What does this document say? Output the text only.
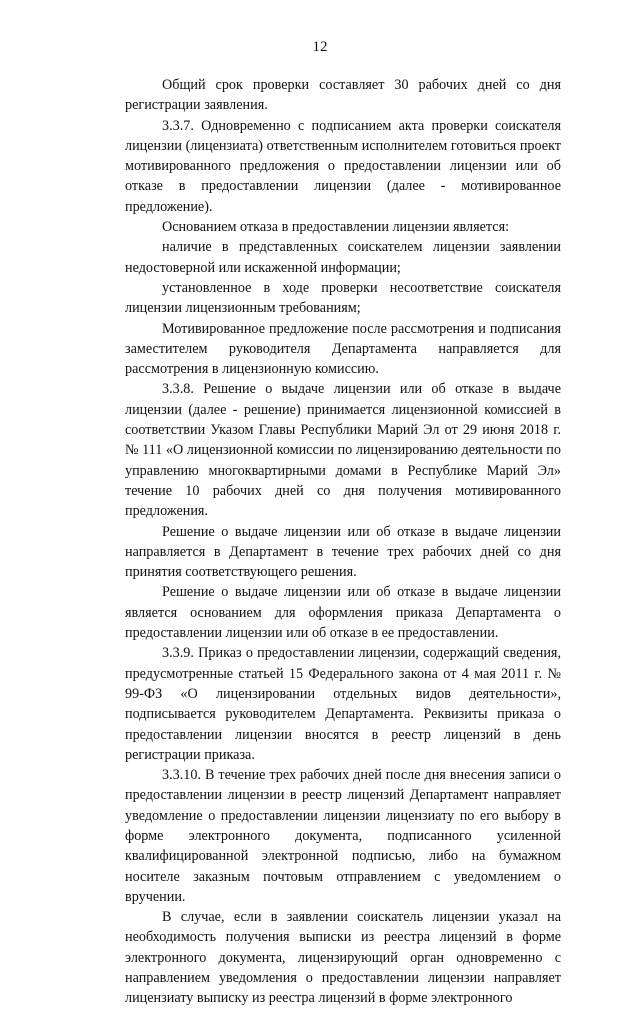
12

Общий срок проверки составляет 30 рабочих дней со дня регистрации заявления.

3.3.7. Одновременно с подписанием акта проверки соискателя лицензии (лицензиата) ответственным исполнителем готовиться проект мотивированного предложения о предоставлении лицензии или об отказе в предоставлении лицензии (далее - мотивированное предложение).

Основанием отказа в предоставлении лицензии является:

наличие в представленных соискателем лицензии заявлении недостоверной или искаженной информации;

установленное в ходе проверки несоответствие соискателя лицензии лицензионным требованиям;

Мотивированное предложение после рассмотрения и подписания заместителем руководителя Департамента направляется для рассмотрения в лицензионную комиссию.

3.3.8. Решение о выдаче лицензии или об отказе в выдаче лицензии (далее - решение) принимается лицензионной комиссией в соответствии Указом Главы Республики Марий Эл от 29 июня 2018 г. № 111 «О лицензионной комиссии по лицензированию деятельности по управлению многоквартирными домами в Республике Марий Эл» течение 10 рабочих дней со дня получения мотивированного предложения.

Решение о выдаче лицензии или об отказе в выдаче лицензии направляется в Департамент в течение трех рабочих дней со дня принятия соответствующего решения.

Решение о выдаче лицензии или об отказе в выдаче лицензии является основанием для оформления приказа Департамента о предоставлении лицензии или об отказе в ее предоставлении.

3.3.9. Приказ о предоставлении лицензии, содержащий сведения, предусмотренные статьей 15 Федерального закона от 4 мая 2011 г. № 99-ФЗ «О лицензировании отдельных видов деятельности», подписывается руководителем Департамента. Реквизиты приказа о предоставлении лицензии вносятся в реестр лицензий в день регистрации приказа.

3.3.10. В течение трех рабочих дней после дня внесения записи о предоставлении лицензии в реестр лицензий Департамент направляет уведомление о предоставлении лицензии лицензиату по его выбору в форме электронного документа, подписанного усиленной квалифицированной электронной подписью, либо на бумажном носителе заказным почтовым отправлением с уведомлением о вручении.

В случае, если в заявлении соискатель лицензии указал на необходимость получения выписки из реестра лицензий в форме электронного документа, лицензирующий орган одновременно с направлением уведомления о предоставлении лицензии направляет лицензиату выписку из реестра лицензий в форме электронного
